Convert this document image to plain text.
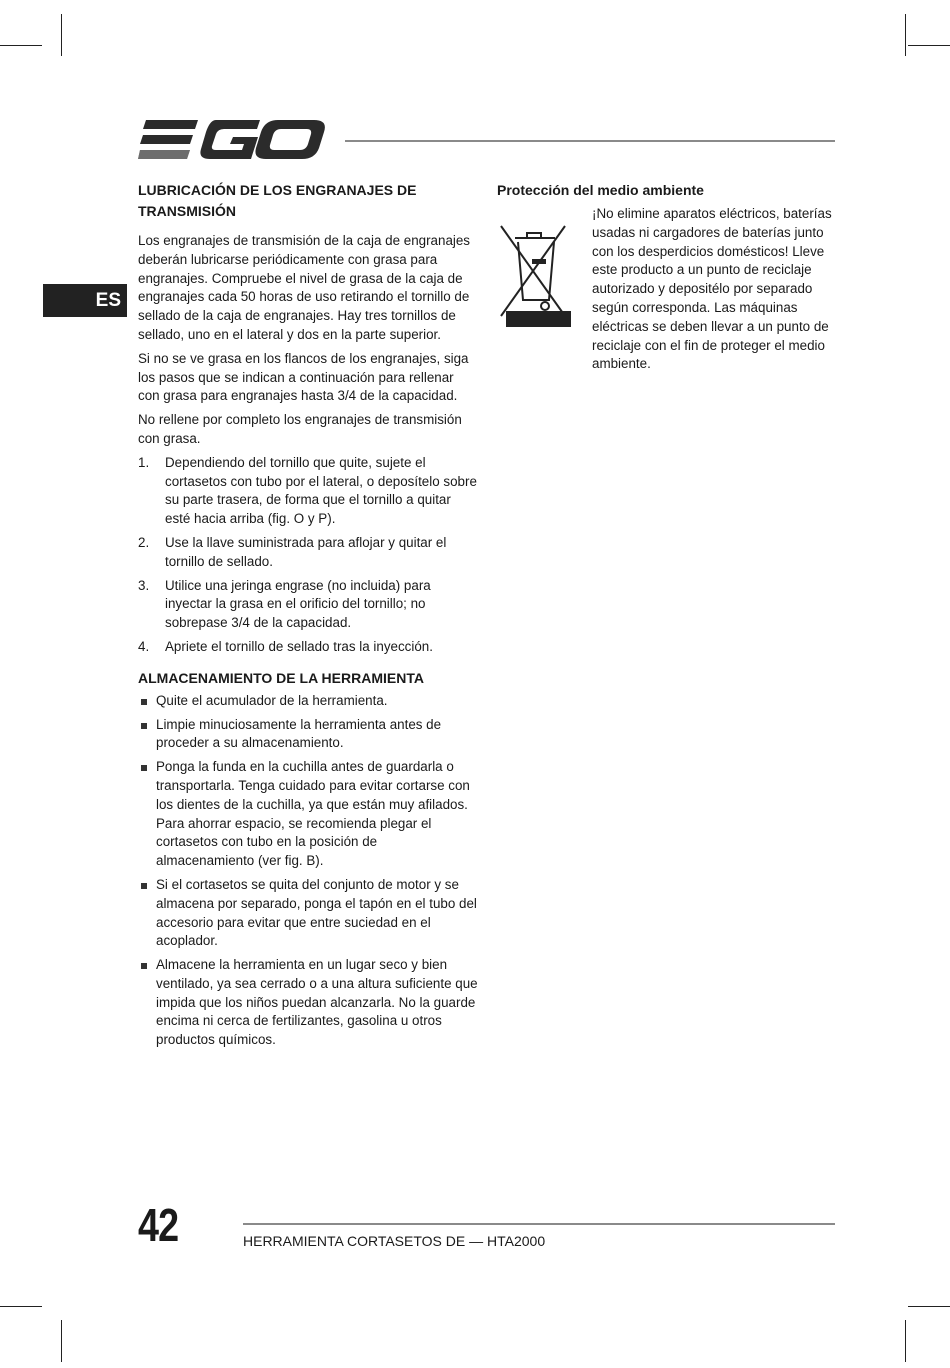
ES
LUBRICACIÓN DE LOS ENGRANAJES DE TRANSMISIÓN

Los engranajes de transmisión de la caja de engranajes deberán lubricarse periódicamente con grasa para engranajes. Compruebe el nivel de grasa de la caja de engranajes cada 50 horas de uso retirando el tornillo de sellado de la caja de engranajes. Hay tres tornillos de sellado, uno en el lateral y dos en la parte superior.

Si no se ve grasa en los flancos de los engranajes, siga los pasos que se indican a continuación para rellenar con grasa para engranajes hasta 3/4 de la capacidad.

No rellene por completo los engranajes de transmisión con grasa.

1. Dependiendo del tornillo que quite, sujete el cortasetos con tubo por el lateral, o deposítelo sobre su parte trasera, de forma que el tornillo a quitar esté hacia arriba (fig. O y P).
2. Use la llave suministrada para aflojar y quitar el tornillo de sellado.
3. Utilice una jeringa engrase (no incluida) para inyectar la grasa en el orificio del tornillo; no sobrepase 3/4 de la capacidad.
4. Apriete el tornillo de sellado tras la inyección.
ALMACENAMIENTO DE LA HERRAMIENTA
Quite el acumulador de la herramienta.
Limpie minuciosamente la herramienta antes de proceder a su almacenamiento.
Ponga la funda en la cuchilla antes de guardarla o transportarla. Tenga cuidado para evitar cortarse con los dientes de la cuchilla, ya que están muy afilados. Para ahorrar espacio, se recomienda plegar el cortasetos con tubo en la posición de almacenamiento (ver fig. B).
Si el cortasetos se quita del conjunto de motor y se almacena por separado, ponga el tapón en el tubo del accesorio para evitar que entre suciedad en el acoplador.
Almacene la herramienta en un lugar seco y bien ventilado, ya sea cerrado o a una altura suficiente que impida que los niños puedan alcanzarla. No la guarde encima ni cerca de fertilizantes, gasolina u otros productos químicos.
Protección del medio ambiente

¡No elimine aparatos eléctricos, baterías usadas ni cargadores de baterías junto con los desperdicios domésticos! Lleve este producto a un punto de reciclaje autorizado y depositélo por separado según corresponda. Las máquinas eléctricas se deben llevar a un punto de reciclaje con el fin de proteger el medio ambiente.

42	HERRAMIENTA CORTASETOS DE — HTA2000
